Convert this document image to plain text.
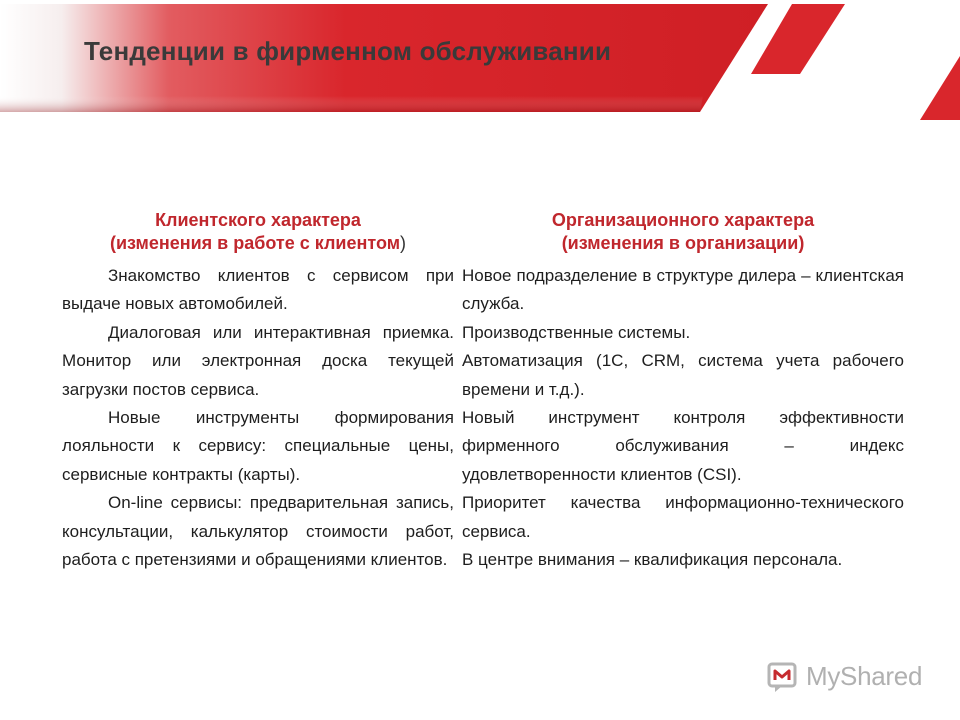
Тенденции в фирменном обслуживании
Клиентского характера
(изменения в работе с клиентом)
Организационного характера
(изменения в организации)

Знакомство клиентов с сервисом при выдаче новых автомобилей.

Диалоговая или интерактивная приемка. Монитор или электронная доска текущей загрузки постов сервиса.

Новые инструменты формирования лояльности к сервису: специальные цены, сервисные контракты (карты).

On-line сервисы: предварительная запись, консультации, калькулятор стоимости работ, работа с претензиями и обращениями клиентов.

Новое подразделение в структуре дилера – клиентская служба.

Производственные системы.

Автоматизация (1С, CRM, система учета рабочего времени и т.д.).

Новый инструмент контроля эффективности фирменного обслуживания – индекс удовлетворенности клиентов (CSI).

Приоритет качества информационно-технического сервиса.

В центре внимания – квалификация персонала.

MyShared
